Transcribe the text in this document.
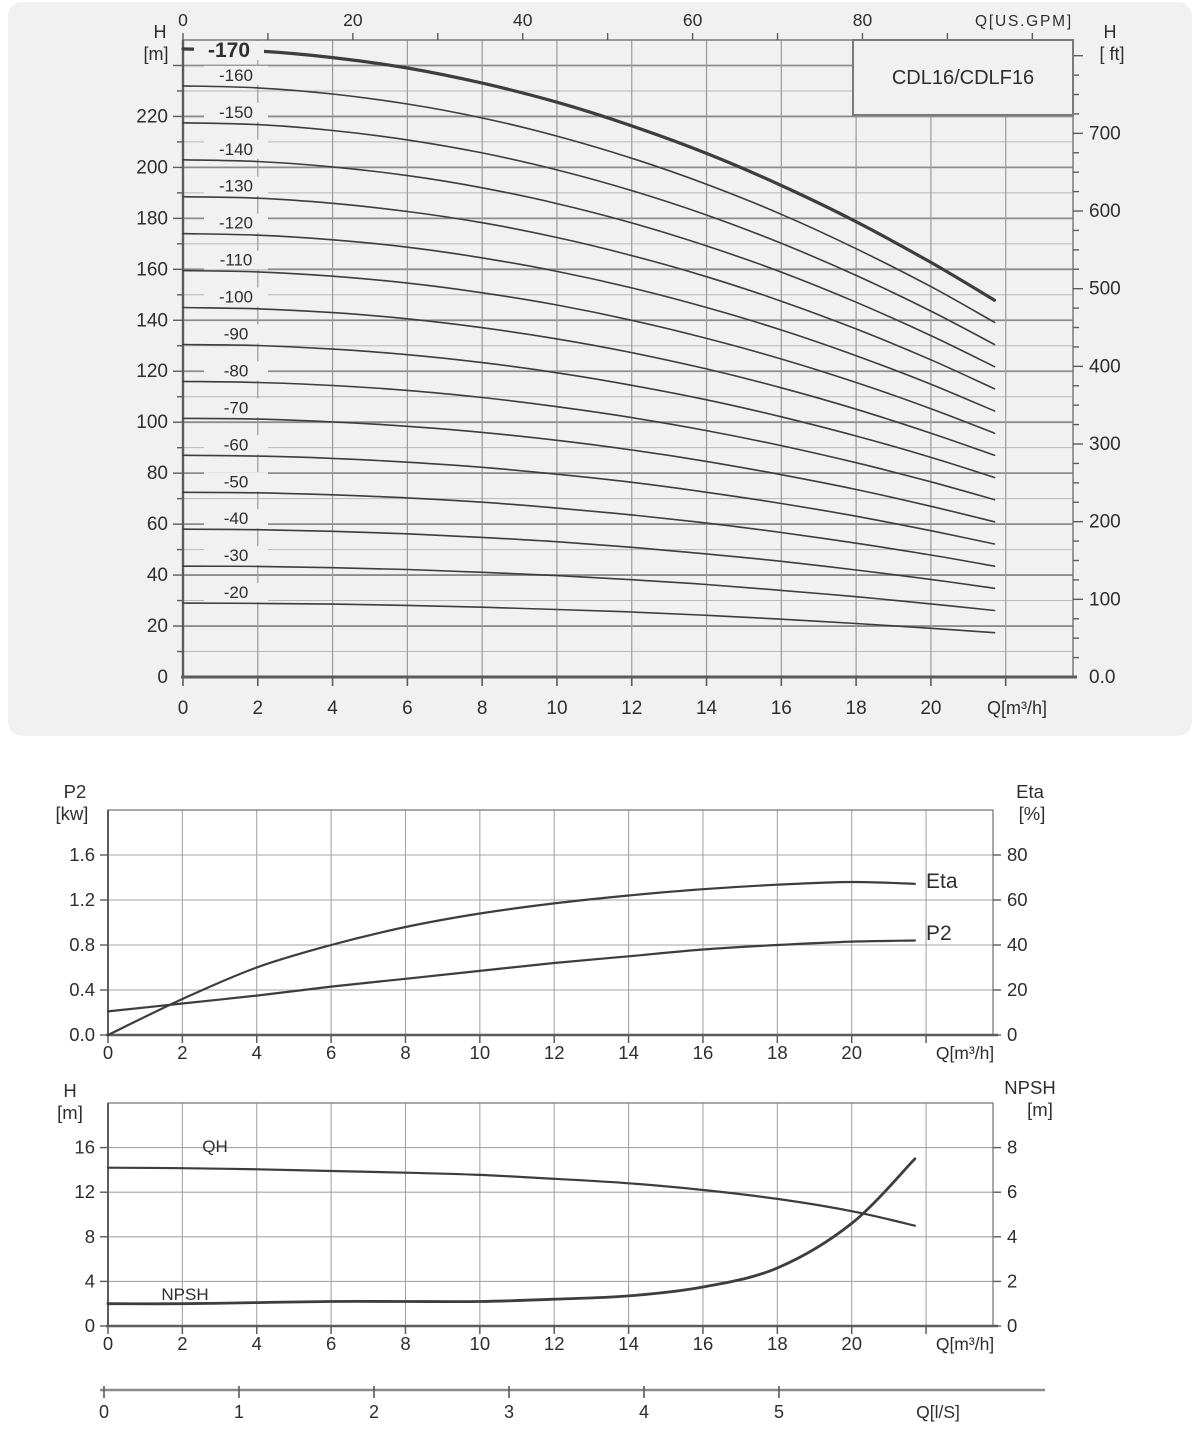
0
20
40
60
80
100
120
140
160
180
200
220
700
600
500
400
300
200
100
0.0
0	20	40	60	80	Q[US.GPM]
0	2	4	6	8	10	12	14	16	18	20	Q[m³/h]
H
[m]
H
[ ft]
-20
-30
-40
-50
-60
-70
-80
-90
-100
-110
-120
-130
-140
-150
-160
-170
CDL16/CDLF16
1.6
1.2
0.8
0.4
0.0
80
60
40
20
0
0	2	4	6	8	10	12	14	16	18	20	Q[m³/h]
P2
[kw]
Eta
[%]
Eta
P2
16
12
8
4
0
8
6
4
2
0
0	2	4	6	8	10	12	14	16	18	20	Q[m³/h]
H
[m]
NPSH
[m]
QH
NPSH
0	1	2	3	4	5	Q[l/S]
